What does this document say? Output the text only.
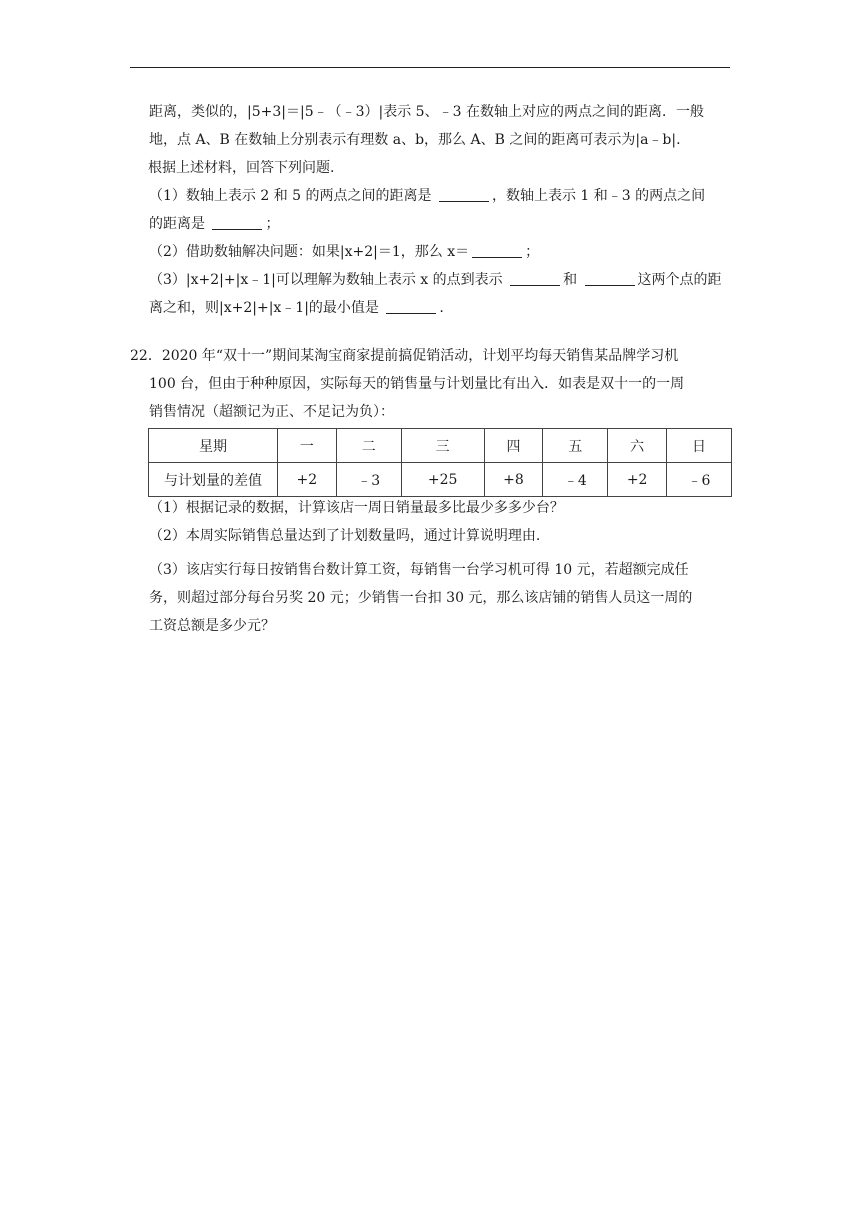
距离，类似的，|5+3|＝|5﹣（﹣3）|表示 5、﹣3 在数轴上对应的两点之间的距离．一般
地，点 A、B 在数轴上分别表示有理数 a、b，那么 A、B 之间的距离可表示为|a﹣b|.
根据上述材料，回答下列问题.
（1）数轴上表示 2 和 5 的两点之间的距离是	，数轴上表示 1 和﹣3 的两点之间
的距离是	；
（2）借助数轴解决问题：如果|x+2|＝1，那么 x＝	；
（3）|x+2|+|x﹣1|可以理解为数轴上表示 x 的点到表示	和	这两个点的距
离之和，则|x+2|+|x﹣1|的最小值是	.
22．2020 年“双十一”期间某淘宝商家提前搞促销活动，计划平均每天销售某品牌学习机
100 台，但由于种种原因，实际每天的销售量与计划量比有出入．如表是双十一的一周
销售情况（超额记为正、不足记为负）：
星期	一	二	三	四	五	六	日
与计划量的差值	+2	﹣3	+25	+8	﹣4	+2	﹣6
（1）根据记录的数据，计算该店一周日销量最多比最少多多少台？
（2）本周实际销售总量达到了计划数量吗，通过计算说明理由.
（3）该店实行每日按销售台数计算工资，每销售一台学习机可得 10 元，若超额完成任
务，则超过部分每台另奖 20 元；少销售一台扣 30 元，那么该店铺的销售人员这一周的
工资总额是多少元？
